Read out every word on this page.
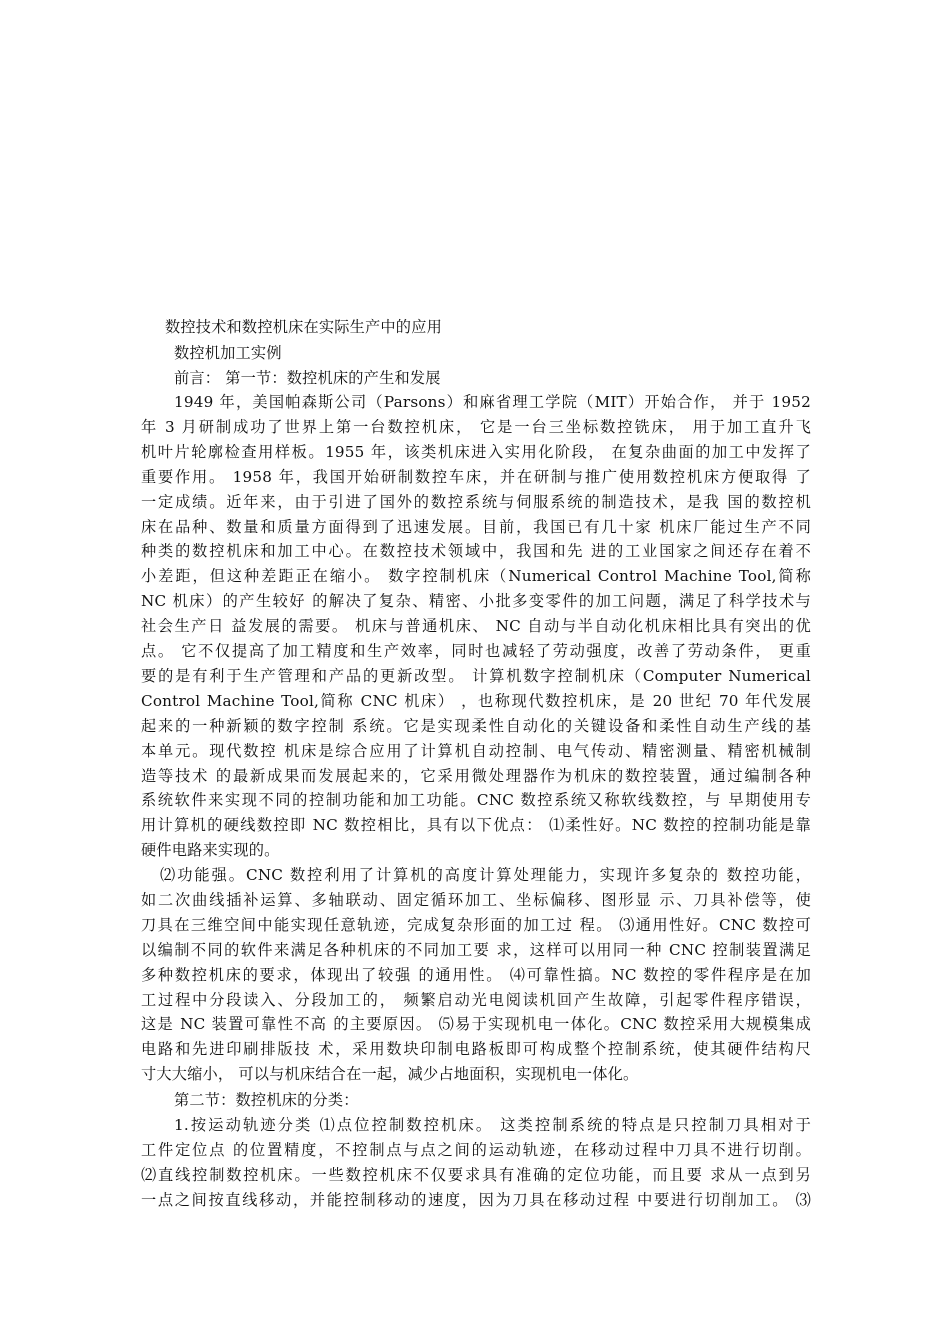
数控技术和数控机床在实际生产中的应用
数控机加工实例
前言： 第一节：数控机床的产生和发展
1949 年，美国帕森斯公司（Parsons）和麻省理工学院（MIT）开始合作， 并于 1952
年 3 月研制成功了世界上第一台数控机床， 它是一台三坐标数控铣床， 用于加工直升飞
机叶片轮廓检查用样板。1955 年，该类机床进入实用化阶段， 在复杂曲面的加工中发挥了
重要作用。 1958 年，我国开始研制数控车床，并在研制与推广使用数控机床方便取得 了
一定成绩。近年来，由于引进了国外的数控系统与伺服系统的制造技术，是我 国的数控机
床在品种、数量和质量方面得到了迅速发展。目前，我国已有几十家 机床厂能过生产不同
种类的数控机床和加工中心。在数控技术领域中，我国和先 进的工业国家之间还存在着不
小差距，但这种差距正在缩小。 数字控制机床（Numerical Control Machine Tool,简称
NC 机床）的产生较好 的解决了复杂、精密、小批多变零件的加工问题，满足了科学技术与
社会生产日 益发展的需要。 机床与普通机床、 NC 自动与半自动化机床相比具有突出的优
点。 它不仅提高了加工精度和生产效率，同时也减轻了劳动强度，改善了劳动条件， 更重
要的是有利于生产管理和产品的更新改型。 计算机数字控制机床（Computer Numerical
Control Machine Tool,简称 CNC 机床） ，也称现代数控机床，是 20 世纪 70 年代发展
起来的一种新颖的数字控制 系统。它是实现柔性自动化的关键设备和柔性自动生产线的基
本单元。现代数控 机床是综合应用了计算机自动控制、电气传动、精密测量、精密机械制
造等技术 的最新成果而发展起来的，它采用微处理器作为机床的数控装置，通过编制各种
系统软件来实现不同的控制功能和加工功能。CNC 数控系统又称软线数控，与 早期使用专
用计算机的硬线数控即 NC 数控相比，具有以下优点： ⑴柔性好。NC 数控的控制功能是靠
硬件电路来实现的。
⑵功能强。CNC 数控利用了计算机的高度计算处理能力，实现许多复杂的 数控功能，
如二次曲线插补运算、多轴联动、固定循环加工、坐标偏移、图形显 示、刀具补偿等，使
刀具在三维空间中能实现任意轨迹，完成复杂形面的加工过 程。 ⑶通用性好。CNC 数控可
以编制不同的软件来满足各种机床的不同加工要 求，这样可以用同一种 CNC 控制装置满足
多种数控机床的要求，体现出了较强 的通用性。 ⑷可靠性搞。NC 数控的零件程序是在加
工过程中分段读入、分段加工的， 频繁启动光电阅读机回产生故障，引起零件程序错误，
这是 NC 装置可靠性不高 的主要原因。 ⑸易于实现机电一体化。CNC 数控采用大规模集成
电路和先进印刷排版技 术，采用数块印制电路板即可构成整个控制系统，使其硬件结构尺
寸大大缩小， 可以与机床结合在一起，减少占地面积，实现机电一体化。
第二节：数控机床的分类：
1.按运动轨迹分类 ⑴点位控制数控机床。 这类控制系统的特点是只控制刀具相对于
工件定位点 的位置精度，不控制点与点之间的运动轨迹，在移动过程中刀具不进行切削。
⑵直线控制数控机床。一些数控机床不仅要求具有准确的定位功能，而且要 求从一点到另
一点之间按直线移动，并能控制移动的速度，因为刀具在移动过程 中要进行切削加工。 ⑶
